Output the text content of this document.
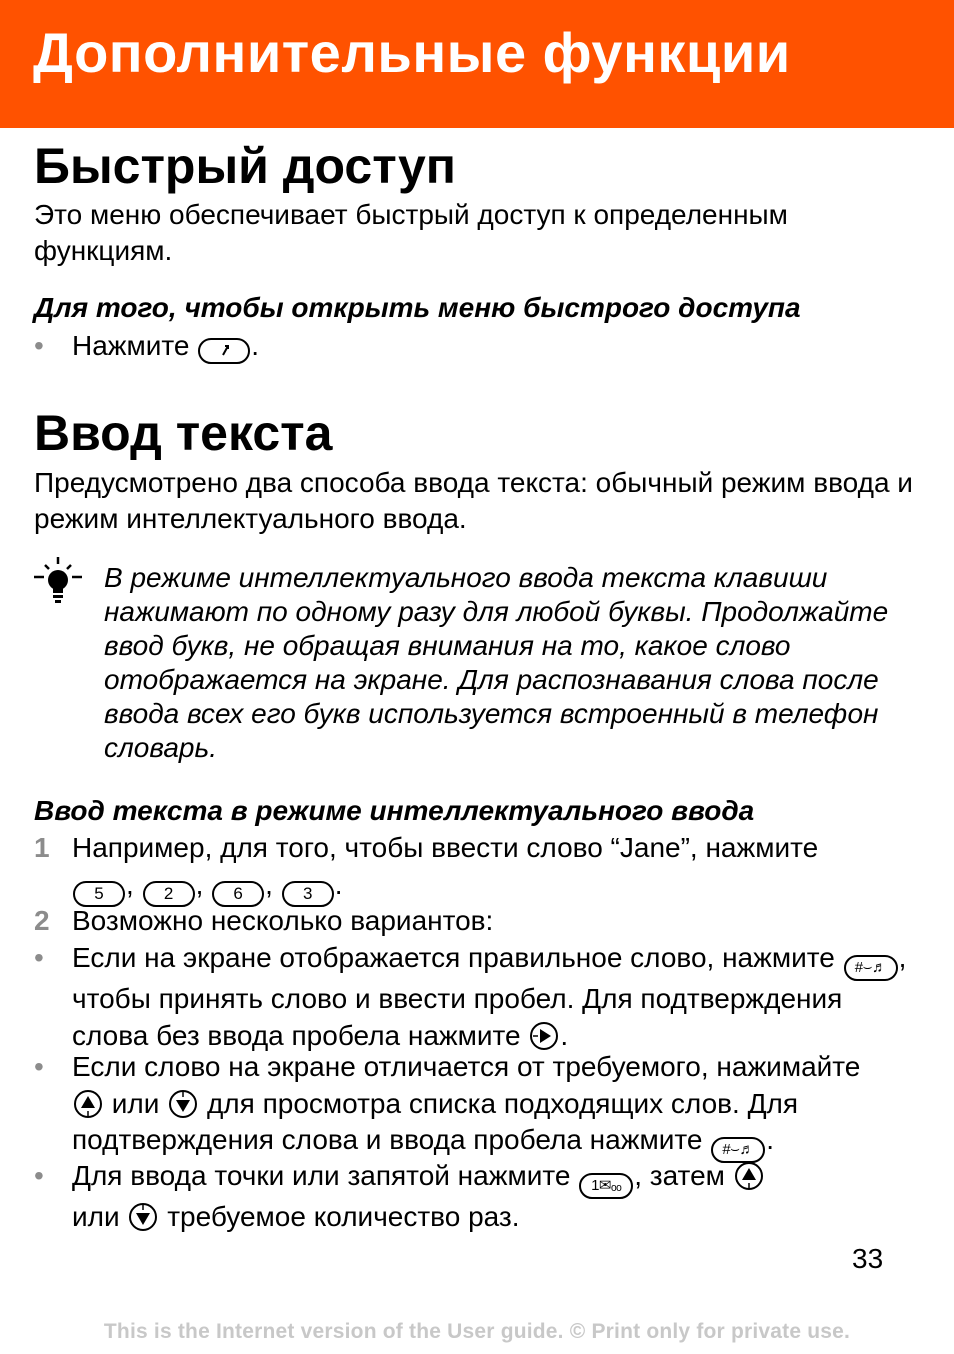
Дополнительные функции
Быстрый доступ

Это меню обеспечивает быстрый доступ к определенным функциям.

Для того, чтобы открыть меню быстрого доступа

•	Нажмите .
Ввод текста

Предусмотрено два способа ввода текста: обычный режим ввода и режим интеллектуального ввода.

В режиме интеллектуального ввода текста клавиши нажимают по одному разу для любой буквы. Продолжайте ввод букв, не обращая внимания на то, какое слово отображается на экране. Для распознавания слова после ввода всех его букв используется встроенный в телефон словарь.

Ввод текста в режиме интеллектуального ввода

1 Например, для того, чтобы ввести слово “Jane”, нажмите
5 , 2 , 6 , 3 .
2 Возможно несколько вариантов:
•	Если на экране отображается правильное слово, нажмите #⌣♬ , чтобы принять слово и ввести пробел. Для подтверждения слова без ввода пробела нажмите .
•	Если слово на экране отличается от требуемого, нажимайте
или для просмотра списка подходящих слов. Для подтверждения слова и ввода пробела нажмите #⌣♬ .
•	Для ввода точки или запятой нажмите 1✉ₒₒ , затем
или требуемое количество раз.
33
This is the Internet version of the User guide. © Print only for private use.
